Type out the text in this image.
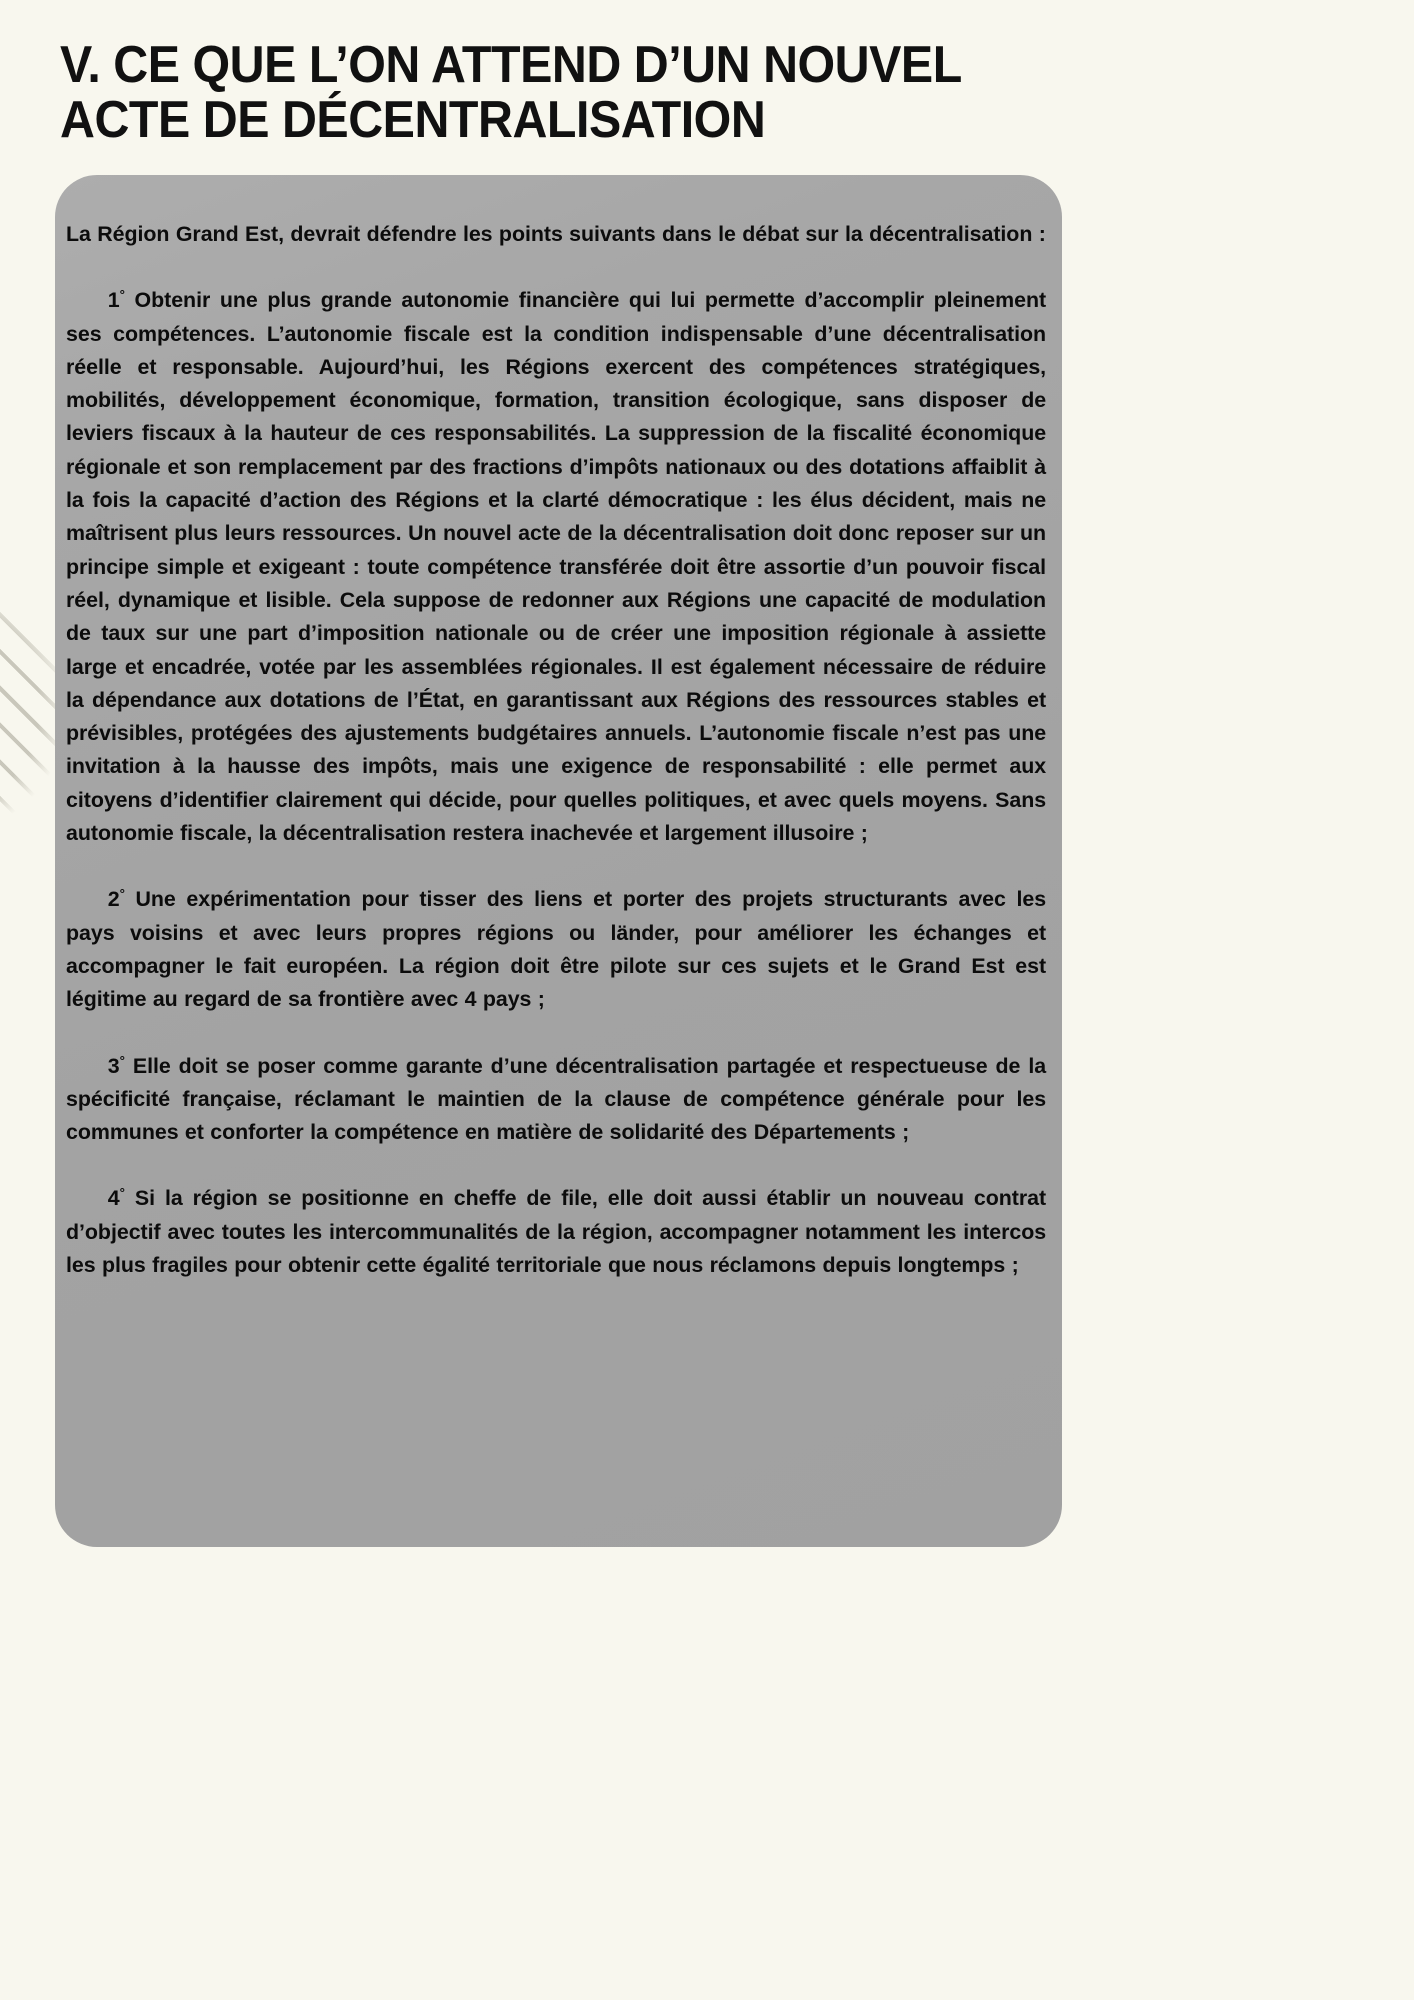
V. CE QUE L’ON ATTEND D’UN NOUVEL ACTE DE DÉCENTRALISATION

La Région Grand Est, devrait défendre les points suivants dans le débat sur la décentralisation :

1° Obtenir une plus grande autonomie financière qui lui permette d’accomplir pleinement ses compétences. L’autonomie fiscale est la condition indispensable d’une décentralisation réelle et responsable. Aujourd’hui, les Régions exercent des compétences stratégiques, mobilités, développement économique, formation, transition écologique, sans disposer de leviers fiscaux à la hauteur de ces responsabilités. La suppression de la fiscalité économique régionale et son remplacement par des fractions d’impôts nationaux ou des dotations affaiblit à la fois la capacité d’action des Régions et la clarté démocratique : les élus décident, mais ne maîtrisent plus leurs ressources. Un nouvel acte de la décentralisation doit donc reposer sur un principe simple et exigeant : toute compétence transférée doit être assortie d’un pouvoir fiscal réel, dynamique et lisible. Cela suppose de redonner aux Régions une capacité de modulation de taux sur une part d’imposition nationale ou de créer une imposition régionale à assiette large et encadrée, votée par les assemblées régionales. Il est également nécessaire de réduire la dépendance aux dotations de l’État, en garantissant aux Régions des ressources stables et prévisibles, protégées des ajustements budgétaires annuels. L’autonomie fiscale n’est pas une invitation à la hausse des impôts, mais une exigence de responsabilité : elle permet aux citoyens d’identifier clairement qui décide, pour quelles politiques, et avec quels moyens. Sans autonomie fiscale, la décentralisation restera inachevée et largement illusoire ;

2° Une expérimentation pour tisser des liens et porter des projets structurants avec les pays voisins et avec leurs propres régions ou länder, pour améliorer les échanges et accompagner le fait européen. La région doit être pilote sur ces sujets et le Grand Est est légitime au regard de sa frontière avec 4 pays ;

3° Elle doit se poser comme garante d’une décentralisation partagée et respectueuse de la spécificité française, réclamant le maintien de la clause de compétence générale pour les communes et conforter la compétence en matière de solidarité des Départements ;

4° Si la région se positionne en cheffe de file, elle doit aussi établir un nouveau contrat d’objectif avec toutes les intercommunalités de la région, accompagner notamment les intercos les plus fragiles pour obtenir cette égalité territoriale que nous réclamons depuis longtemps ;
